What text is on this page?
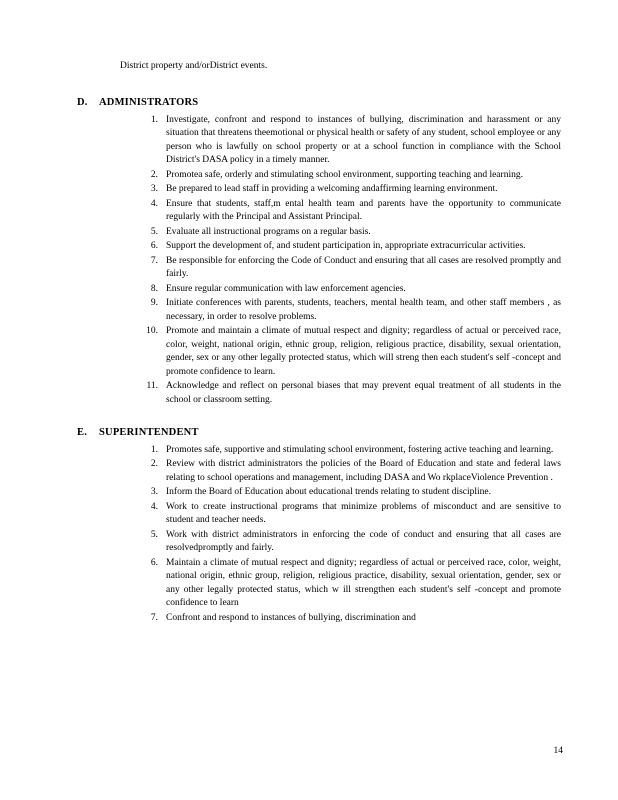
District property and/orDistrict events.

D.	ADMINISTRATORS
1. Investigate, confront and respond to instances of bullying, discrimination and harassment or any situation that threatens theemotional or physical health or safety of any student, school employee or any person who is lawfully on school property or at a school function in compliance with the School District's DASA policy in a timely manner.
2. Promotea safe, orderly and stimulating school environment, supporting teaching and learning.
3. Be prepared to lead staff in providing a welcoming andaffirming learning environment.
4. Ensure that students, staff,m ental health team and parents have the opportunity to communicate regularly with the Principal and Assistant Principal.
5. Evaluate all instructional programs on a regular basis.
6. Support the development of, and student participation in, appropriate extracurricular activities.
7. Be responsible for enforcing the Code of Conduct and ensuring that all cases are resolved promptly and fairly.
8. Ensure regular communication with law enforcement agencies.
9. Initiate conferences with parents, students, teachers, mental health team, and other staff members , as necessary, in order to resolve problems.
10. Promote and maintain a climate of mutual respect and dignity; regardless of actual or perceived race, color, weight, national origin, ethnic group, religion, religious practice, disability, sexual orientation, gender, sex or any other legally protected status, which will streng then each student's self -concept and promote confidence to learn.
11. Acknowledge and reflect on personal biases that may prevent equal treatment of all students in the school or classroom setting.
E.	SUPERINTENDENT
1. Promotes safe, supportive and stimulating school environment, fostering active teaching and learning.
2. Review with district administrators the policies of the Board of Education and state and federal laws relating to school operations and management, including DASA and Wo rkplaceViolence Prevention .
3. Inform the Board of Education about educational trends relating to student discipline.
4. Work to create instructional programs that minimize problems of misconduct and are sensitive to student and teacher needs.
5. Work with district administrators in enforcing the code of conduct and ensuring that all cases are resolvedpromptly and fairly.
6. Maintain a climate of mutual respect and dignity; regardless of actual or perceived race, color, weight, national origin, ethnic group, religion, religious practice, disability, sexual orientation, gender, sex or any other legally protected status, which w ill strengthen each student's self -concept and promote confidence to learn
7. Confront and respond to instances of bullying, discrimination and
14
